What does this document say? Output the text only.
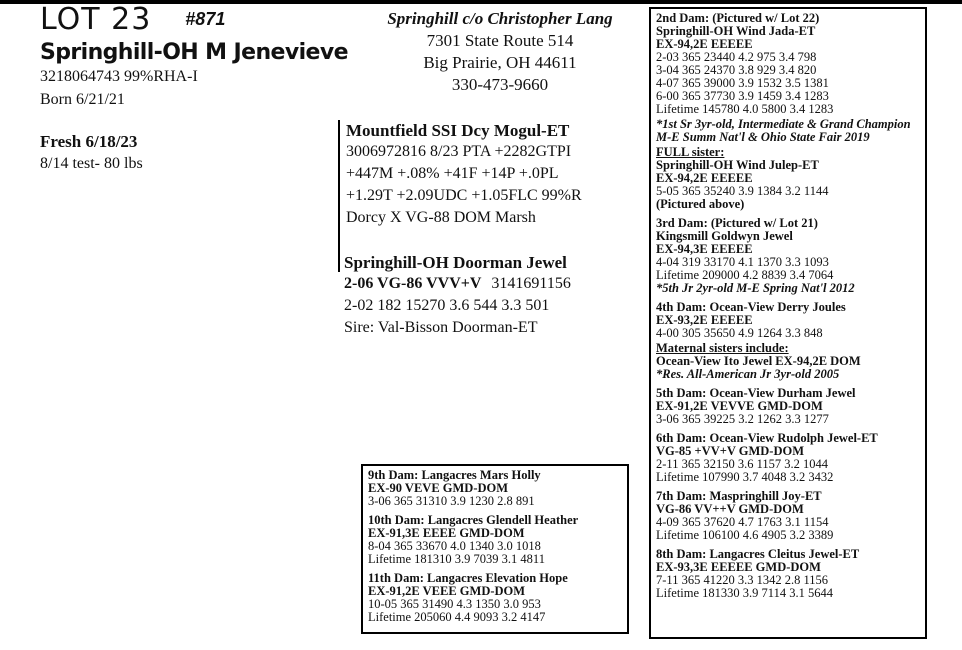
LOT 23 #871
Springhill-OH M Jenevieve
3218064743 99%RHA-I
Born 6/21/21
Fresh 6/18/23
8/14 test- 80 lbs
Springhill c/o Christopher Lang
7301 State Route 514
Big Prairie, OH 44611
330-473-9660
Mountfield SSI Dcy Mogul-ET
3006972816 8/23 PTA +2282GTPI
+447M +.08% +41F +14P +.0PL
+1.29T +2.09UDC +1.05FLC 99%R
Dorcy X VG-88 DOM Marsh
Springhill-OH Doorman Jewel
2-06 VG-86 VVV+V 3141691156
2-02 182 15270 3.6 544 3.3 501
Sire: Val-Bisson Doorman-ET
2nd Dam: (Pictured w/ Lot 22)
Springhill-OH Wind Jada-ET
EX-94,2E EEEEE
2-03 365 23440 4.2 975 3.4 798
3-04 365 24370 3.8 929 3.4 820
4-07 365 39000 3.9 1532 3.5 1381
6-00 365 37730 3.9 1459 3.4 1283
Lifetime 145780 4.0 5800 3.4 1283
*1st Sr 3yr-old, Intermediate & Grand Champion M-E Summ Nat'l & Ohio State Fair 2019
FULL sister:
Springhill-OH Wind Julep-ET
EX-94,2E EEEEE
5-05 365 35240 3.9 1384 3.2 1144
(Pictured above)
3rd Dam: (Pictured w/ Lot 21)
Kingsmill Goldwyn Jewel
EX-94,3E EEEEE
4-04 319 33170 4.1 1370 3.3 1093
Lifetime 209000 4.2 8839 3.4 7064
*5th Jr 2yr-old M-E Spring Nat'l 2012
4th Dam: Ocean-View Derry Joules
EX-93,2E EEEEE
4-00 305 35650 4.9 1264 3.3 848
Maternal sisters include:
Ocean-View Ito Jewel EX-94,2E DOM
*Res. All-American Jr 3yr-old 2005
5th Dam: Ocean-View Durham Jewel
EX-91,2E VEVVE GMD-DOM
3-06 365 39225 3.2 1262 3.3 1277
6th Dam: Ocean-View Rudolph Jewel-ET
VG-85 +VV+V GMD-DOM
2-11 365 32150 3.6 1157 3.2 1044
Lifetime 107990 3.7 4048 3.2 3432
7th Dam: Maspringhill Joy-ET
VG-86 VV++V GMD-DOM
4-09 365 37620 4.7 1763 3.1 1154
Lifetime 106100 4.6 4905 3.2 3389
8th Dam: Langacres Cleitus Jewel-ET
EX-93,3E EEEEE GMD-DOM
7-11 365 41220 3.3 1342 2.8 1156
Lifetime 181330 3.9 7114 3.1 5644
9th Dam: Langacres Mars Holly
EX-90 VEVE GMD-DOM
3-06 365 31310 3.9 1230 2.8 891
10th Dam: Langacres Glendell Heather
EX-91,3E EEEE GMD-DOM
8-04 365 33670 4.0 1340 3.0 1018
Lifetime 181310 3.9 7039 3.1 4811
11th Dam: Langacres Elevation Hope
EX-91,2E VEEE GMD-DOM
10-05 365 31490 4.3 1350 3.0 953
Lifetime 205060 4.4 9093 3.2 4147
